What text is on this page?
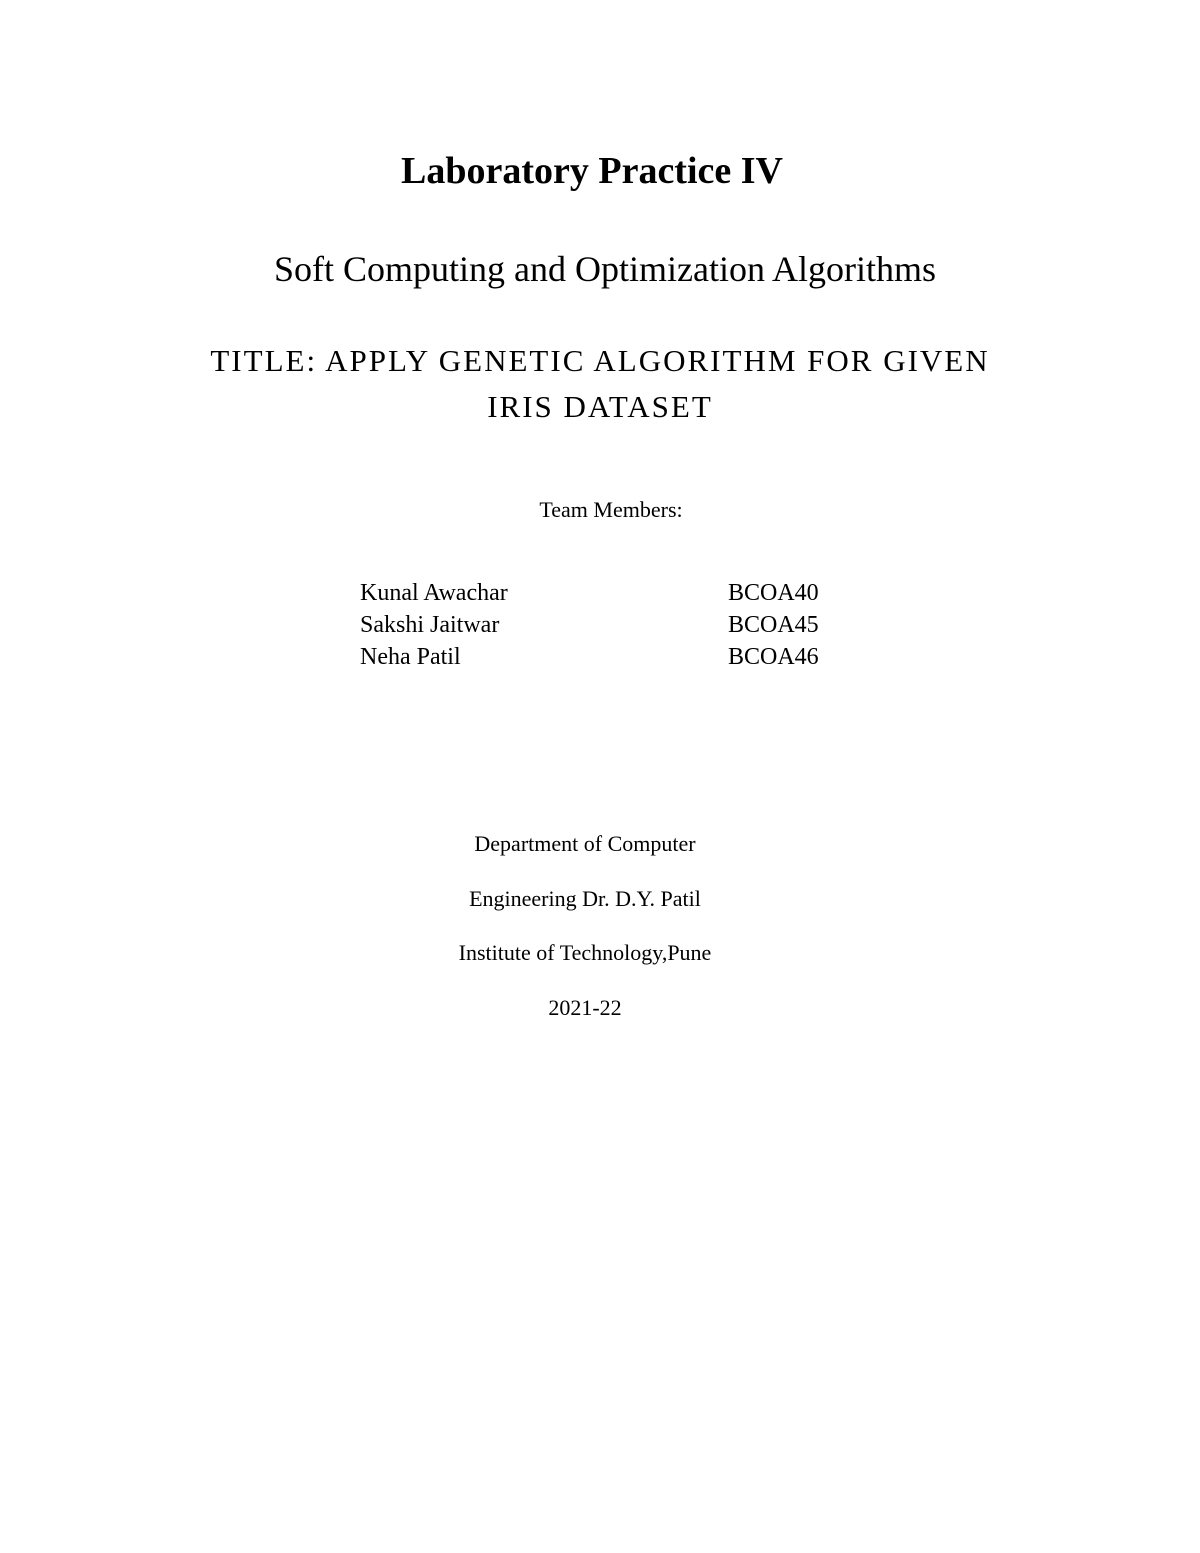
Laboratory Practice IV
Soft Computing and Optimization Algorithms
TITLE: APPLY GENETIC ALGORITHM FOR GIVEN
IRIS DATASET
Team Members:
Kunal Awachar	BCOA40
Sakshi Jaitwar	BCOA45
Neha Patil	BCOA46
Department of Computer
Engineering Dr. D.Y. Patil
Institute of Technology,Pune
2021-22
